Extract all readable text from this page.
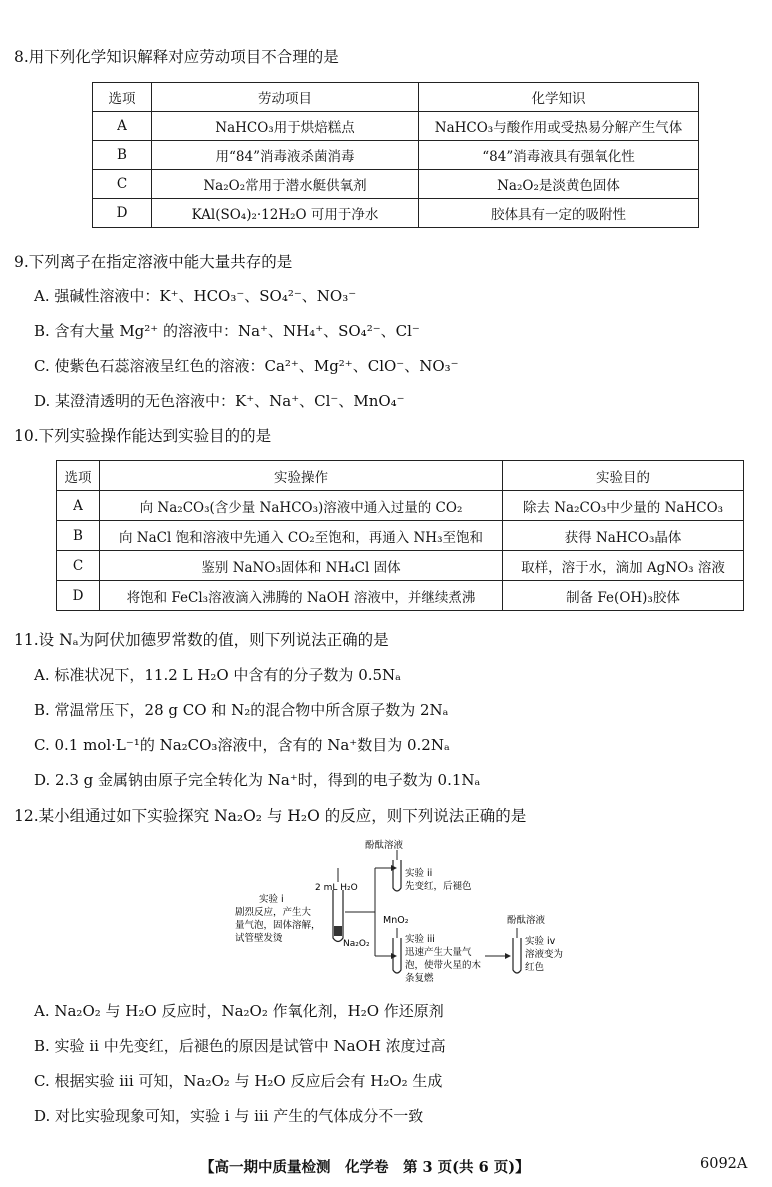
8.用下列化学知识解释对应劳动项目不合理的是
选项	劳动项目	化学知识
A	NaHCO₃用于烘焙糕点	NaHCO₃与酸作用或受热易分解产生气体
B	用“84”消毒液杀菌消毒	“84”消毒液具有强氧化性
C	Na₂O₂常用于潜水艇供氧剂	Na₂O₂是淡黄色固体
D	KAl(SO₄)₂·12H₂O 可用于净水	胶体具有一定的吸附性
9.下列离子在指定溶液中能大量共存的是
A. 强碱性溶液中：K⁺、HCO₃⁻、SO₄²⁻、NO₃⁻
B. 含有大量 Mg²⁺ 的溶液中：Na⁺、NH₄⁺、SO₄²⁻、Cl⁻
C. 使紫色石蕊溶液呈红色的溶液：Ca²⁺、Mg²⁺、ClO⁻、NO₃⁻
D. 某澄清透明的无色溶液中：K⁺、Na⁺、Cl⁻、MnO₄⁻
10.下列实验操作能达到实验目的的是
选项	实验操作	实验目的
A	向 Na₂CO₃(含少量 NaHCO₃)溶液中通入过量的 CO₂	除去 Na₂CO₃中少量的 NaHCO₃
B	向 NaCl 饱和溶液中先通入 CO₂至饱和，再通入 NH₃至饱和	获得 NaHCO₃晶体
C	鉴别 NaNO₃固体和 NH₄Cl 固体	取样，溶于水，滴加 AgNO₃ 溶液
D	将饱和 FeCl₃溶液滴入沸腾的 NaOH 溶液中，并继续煮沸	制备 Fe(OH)₃胶体
11.设 Nₐ为阿伏加德罗常数的值，则下列说法正确的是
A. 标准状况下，11.2 L H₂O 中含有的分子数为 0.5Nₐ
B. 常温常压下，28 g CO 和 N₂的混合物中所含原子数为 2Nₐ
C. 0.1 mol·L⁻¹的 Na₂CO₃溶液中，含有的 Na⁺数目为 0.2Nₐ
D. 2.3 g 金属钠由原子完全转化为 Na⁺时，得到的电子数为 0.1Nₐ
12.某小组通过如下实验探究 Na₂O₂ 与 H₂O 的反应，则下列说法正确的是
2 mL H₂O
Na₂O₂
实验 i 剧烈反应，产生大 量气泡，固体溶解， 试管壁发烫
酚酞溶液
实验 ii 先变红，后褪色
MnO₂
实验 iii 迅速产生大量气 泡，使带火星的木 条复燃
酚酞溶液
实验 iv 溶液变为 红色
A. Na₂O₂ 与 H₂O 反应时，Na₂O₂ 作氧化剂，H₂O 作还原剂
B. 实验 ii 中先变红，后褪色的原因是试管中 NaOH 浓度过高
C. 根据实验 iii 可知，Na₂O₂ 与 H₂O 反应后会有 H₂O₂ 生成
D. 对比实验现象可知，实验 i 与 iii 产生的气体成分不一致
【高一期中质量检测　化学卷　第 3 页(共 6 页)】	6092A
